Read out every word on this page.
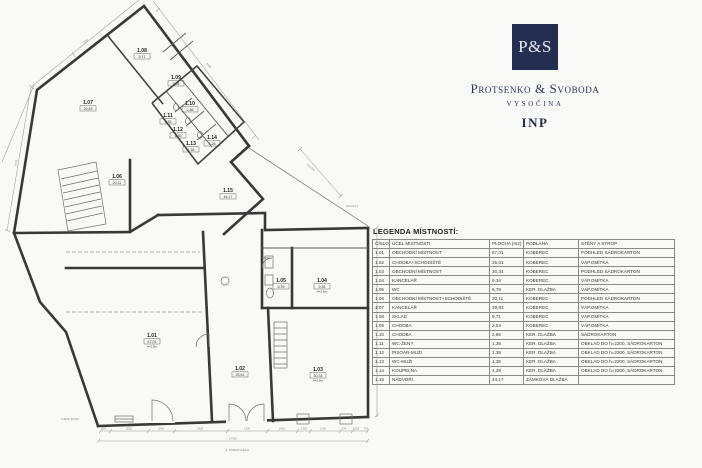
1.01
67,01
h=2,9m
1.02
25,61
1.03
30,34
h=2,9m
1.04
9,34
h=2,6m
1.05
6,76
1.06
20,11
1.07
29,83
1.08
9,71
1.09
2,54
1.10
2,86
1.11
1,35
1.12
1,35
1.13
1,35
1.14
4,28
1.15
44,17
600	2500	1500	2400	1100	1610	1393	1200	724 1020 724
17550
8725
2590
4495
VJEZD BUDE
ul. KOMENSKÉHO
SKLON
SKLON 1
P&S
Protsenko & Svoboda
VYSOČINA
INP
LEGENDA MÍSTNOSTÍ:
ČÍSLO	ÚČEL MÍSTNOSTI	PLOCHA (m2)	PODLAHA	STĚNY A STROP
1.01	OBCHODNÍ MÍSTNOST	67,01	KOBEREC	PODHLED SÁDROKARTON
1.02	CHODBA+SCHODIŠTĚ	25,61	KOBEREC	VÁP.OMÍTKA
1.03	OBCHODNÍ MÍSTNOST	30,34	KOBEREC	PODHLED SÁDROKARTON
1.04	KANCELÁŘ	9,34	KOBEREC	VÁP.OMÍTKA
1.05	WC	6,76	KER. DLAŽBA	VÁP.OMÍTKA
1.06	OBCHODNÍ MÍSTNOST+SCHODIŠTĚ	20,11	KOBEREC	PODHLED SÁDROKARTON
1.07	KANCELÁŘ	29,83	KOBEREC	VÁP.OMÍTKA
1.08	SKLAD	9,71	KOBEREC	VÁP.OMÍTKA
1.09	CHODBA	2,54	KOBEREC	VÁP.OMÍTKA
1.10	CHODBA	2,86	KER. DLAŽBA	SÁDROKARTON
1.11	WC-ŽENY	1,35	KER. DLAŽBA	OBKLAD DO h=2200, SÁDROKARTON
1.12	PISOÁR-MUŽI	1,35	KER. DLAŽBA	OBKLAD DO h=2200, SÁDROKARTON
1.13	WC-MUŽI	1,35	KER. DLAŽBA	OBKLAD DO h=2200, SÁDROKARTON
1.14	KOUPELNA	4,28	KER. DLAŽBA	OBKLAD DO h=2200, SÁDROKARTON
1.15	NÁDVOŘÍ	44,17	ZÁMKOVÁ DLAŽBA	
